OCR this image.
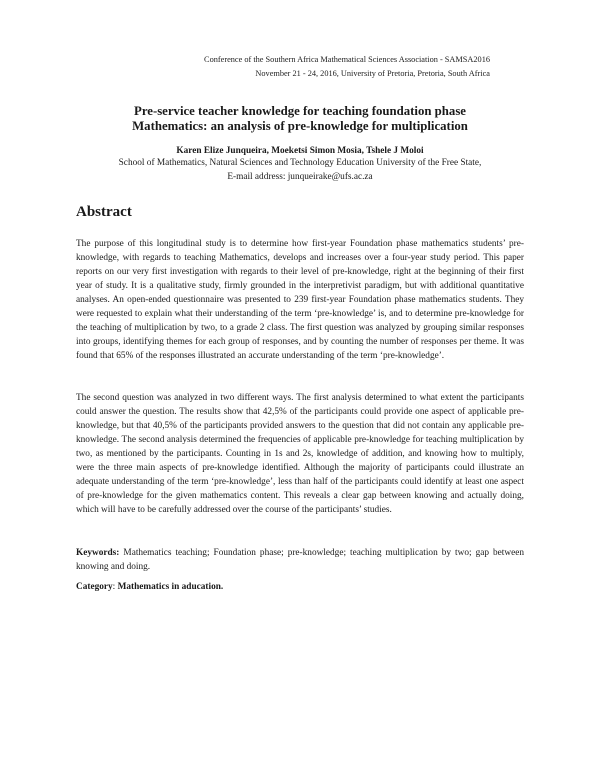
Conference of the Southern Africa Mathematical Sciences Association - SAMSA2016
November 21 - 24, 2016, University of Pretoria, Pretoria, South Africa
Pre-service teacher knowledge for teaching foundation phase
Mathematics: an analysis of pre-knowledge for multiplication
Karen Elize Junqueira, Moeketsi Simon Mosia, Tshele J Moloi
School of Mathematics, Natural Sciences and Technology Education University of the Free State,
E-mail address: junqueirake@ufs.ac.za
Abstract

The purpose of this longitudinal study is to determine how first-year Foundation phase mathematics students’ pre-knowledge, with regards to teaching Mathematics, develops and increases over a four-year study period. This paper reports on our very first investigation with regards to their level of pre-knowledge, right at the beginning of their first year of study. It is a qualitative study, firmly grounded in the interpretivist paradigm, but with additional quantitative analyses. An open-ended questionnaire was presented to 239 first-year Foundation phase mathematics students. They were requested to explain what their understanding of the term ‘pre-knowledge’ is, and to determine pre-knowledge for the teaching of multiplication by two, to a grade 2 class. The first question was analyzed by grouping similar responses into groups, identifying themes for each group of responses, and by counting the number of responses per theme. It was found that 65% of the responses illustrated an accurate understanding of the term ‘pre-knowledge’.

The second question was analyzed in two different ways. The first analysis determined to what extent the participants could answer the question. The results show that 42,5% of the participants could provide one aspect of applicable pre-knowledge, but that 40,5% of the participants provided answers to the question that did not contain any applicable pre-knowledge. The second analysis determined the frequencies of applicable pre-knowledge for teaching multiplication by two, as mentioned by the participants. Counting in 1s and 2s, knowledge of addition, and knowing how to multiply, were the three main aspects of pre-knowledge identified. Although the majority of participants could illustrate an adequate understanding of the term ‘pre-knowledge’, less than half of the participants could identify at least one aspect of pre-knowledge for the given mathematics content. This reveals a clear gap between knowing and actually doing, which will have to be carefully addressed over the course of the participants’ studies.

Keywords: Mathematics teaching; Foundation phase; pre-knowledge; teaching multiplication by two; gap between knowing and doing.

Category: Mathematics in aducation.
